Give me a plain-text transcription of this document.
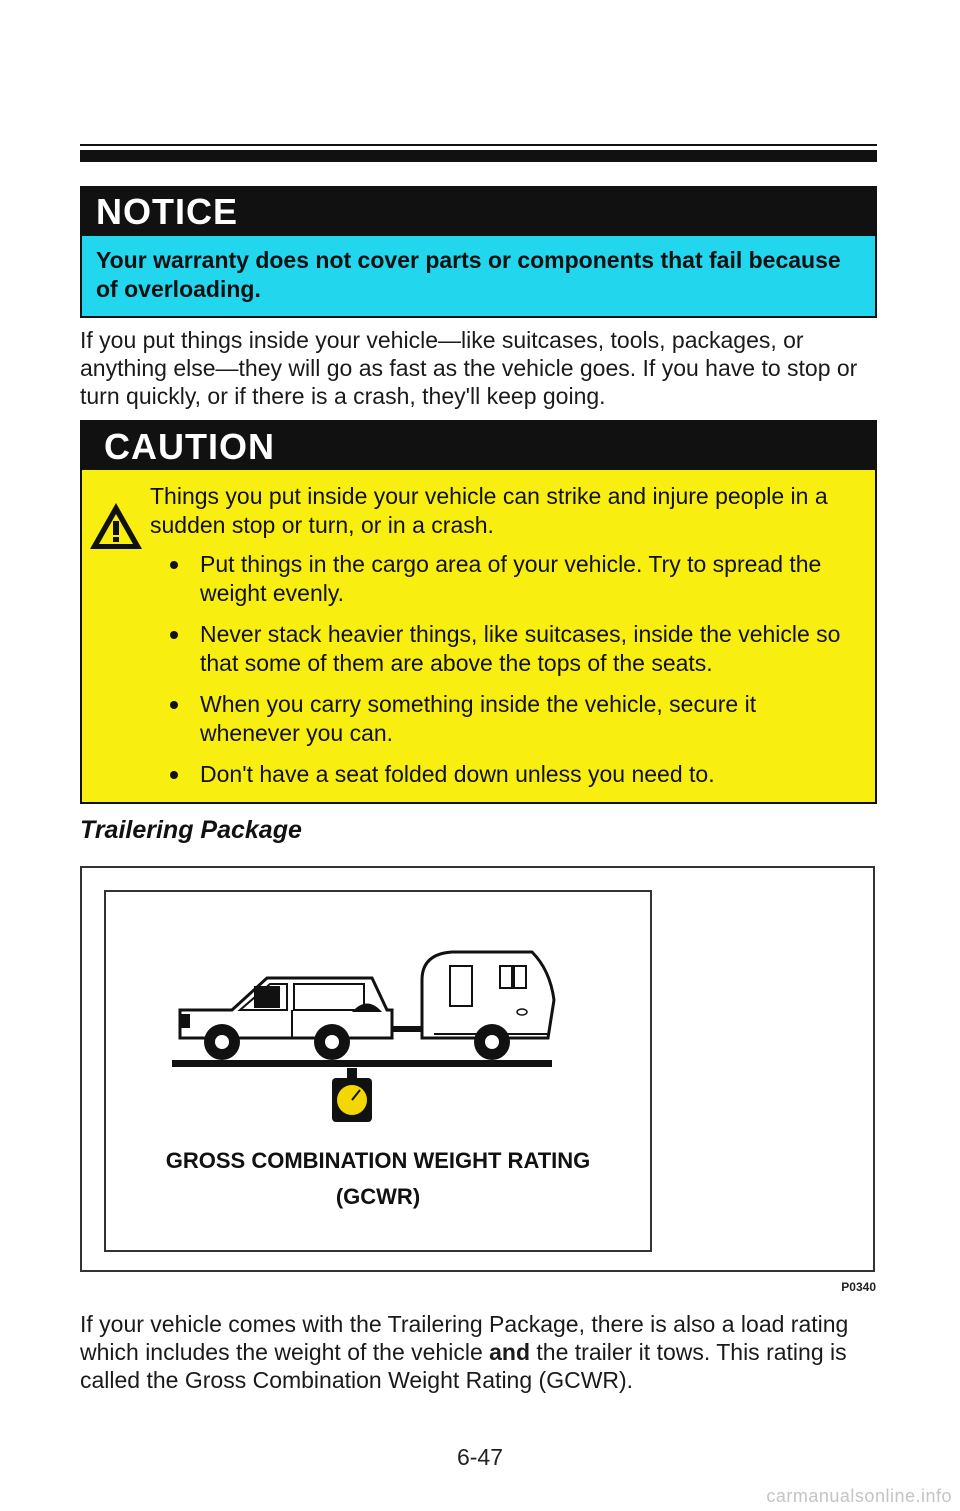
NOTICE
Your warranty does not cover parts or components that fail because of overloading.
If you put things inside your vehicle—like suitcases, tools, packages, or anything else—they will go as fast as the vehicle goes. If you have to stop or turn quickly, or if there is a crash, they'll keep going.
CAUTION
Things you put inside your vehicle can strike and injure people in a sudden stop or turn, or in a crash.
Put things in the cargo area of your vehicle. Try to spread the weight evenly.
Never stack heavier things, like suitcases, inside the vehicle so that some of them are above the tops of the seats.
When you carry something inside the vehicle, secure it whenever you can.
Don't have a seat folded down unless you need to.
Trailering Package
GROSS COMBINATION WEIGHT RATING
(GCWR)
P0340
If your vehicle comes with the Trailering Package, there is also a load rating which includes the weight of the vehicle and the trailer it tows. This rating is called the Gross Combination Weight Rating (GCWR).
6-47
carmanualsonline.info
